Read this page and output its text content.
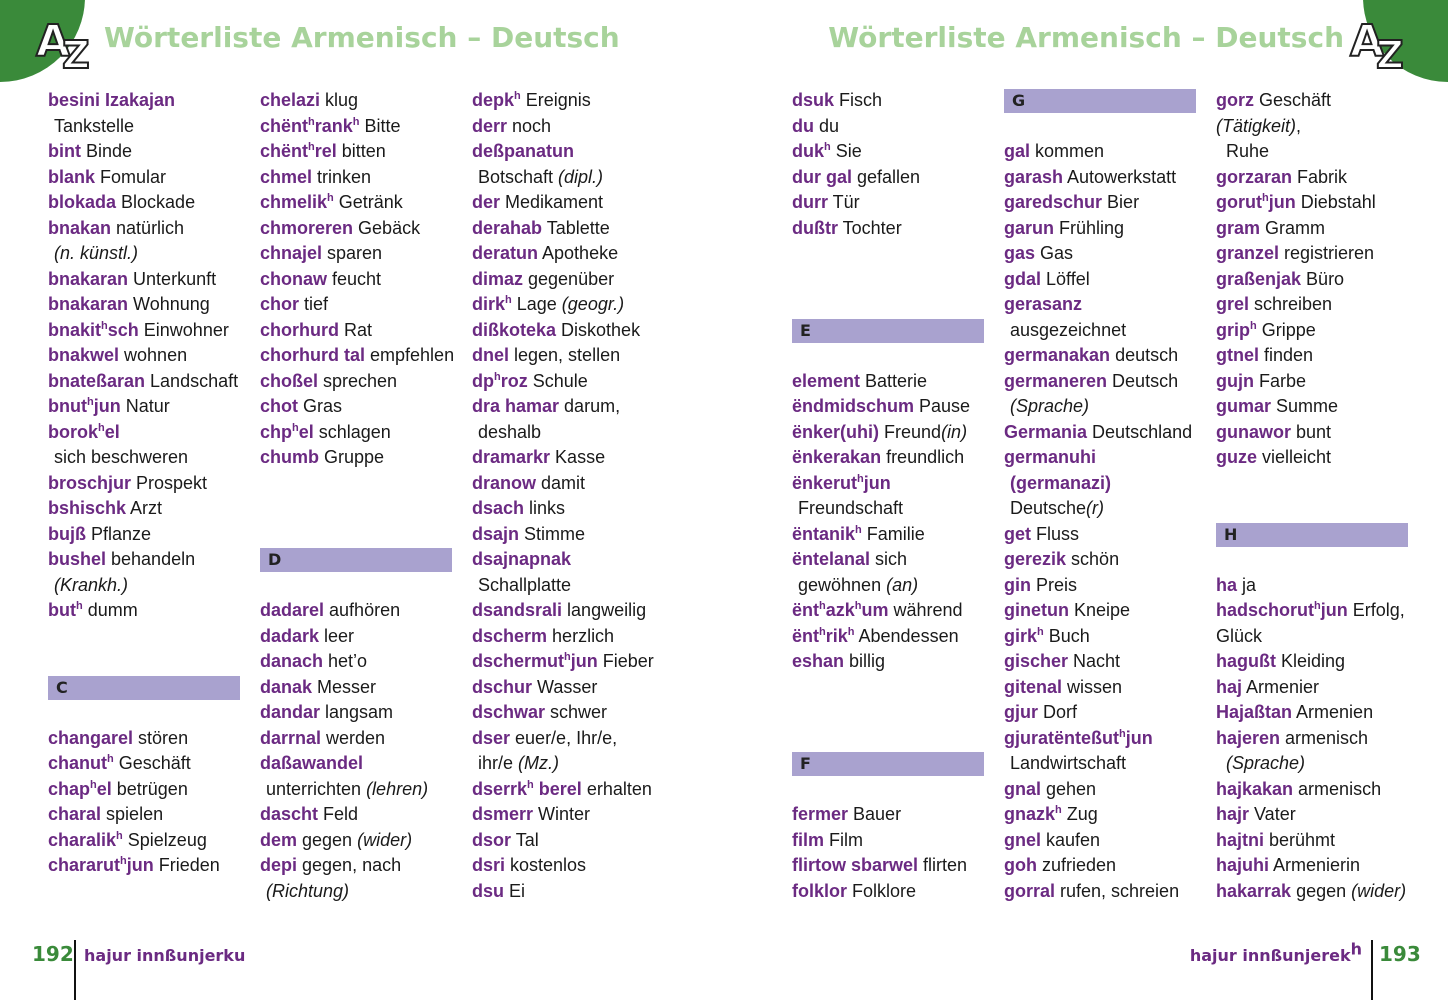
AZ	AZ
Wörterliste Armenisch – Deutsch	Wörterliste Armenisch – Deutsch
besini Izakajan
Tankstelle
bint Binde
blank Fomular
blokada Blockade
bnakan natürlich
(n. künstl.)
bnakaran Unterkunft
bnakaran Wohnung
bnakit$^h$sch Einwohner
bnakwel wohnen
bnateßaran Landschaft
bnut$^h$jun Natur
borok$^h$el
sich beschweren
broschjur Prospekt
bshischk Arzt
bujß Pflanze
bushel behandeln
(Krankh.)
but$^h$ dumm
C
changarel stören
chanut$^h$ Geschäft
chap$^h$el betrügen
charal spielen
charalik$^h$ Spielzeug
chararut$^h$jun Frieden
chelazi klug
chënt$^h$rank$^h$ Bitte
chënt$^h$rel bitten
chmel trinken
chmelik$^h$ Getränk
chmoreren Gebäck
chnajel sparen
chonaw feucht
chor tief
chorhurd Rat
chorhurd tal empfehlen
choßel sprechen
chot Gras
chp$^h$el schlagen
chumb Gruppe
D
dadarel aufhören
dadark leer
danach het’o
danak Messer
dandar langsam
darrnal werden
daßawandel
unterrichten (lehren)
dascht Feld
dem gegen (wider)
depi gegen, nach
(Richtung)
depk$^h$ Ereignis
derr noch
deßpanatun
Botschaft (dipl.)
der Medikament
derahab Tablette
deratun Apotheke
dimaz gegenüber
dirk$^h$ Lage (geogr.)
dißkoteka Diskothek
dnel legen, stellen
$dp^hroz$ Schule
dra hamar darum,
deshalb
dramarkr Kasse
dranow damit
dsach links
dsajn Stimme
dsajnapnak
Schallplatte
dsandsrali langweilig
dscherm herzlich
dschermut$^h$jun Fieber
dschur Wasser
dschwar schwer
dser euer/e, Ihr/e,
ihr/e (Mz.)
dserrk$^h$ berel erhalten
dsmerr Winter
dsor Tal
dsri kostenlos
dsu Ei
dsuk Fisch
du du
duk$^h$ Sie
dur gal gefallen
durr Tür
dußtr Tochter
E
element Batterie
ëndmidschum Pause
ënker(uhi) Freund(in)
ënkerakan freundlich
ënkerut$^h$jun
Freundschaft
ëntanik$^h$ Familie
ëntelanal sich
gewöhnen (an)
ënt$^h$azk$^h$um während
ënt$^h$rik$^h$ Abendessen
eshan billig
F
fermer Bauer
film Film
flirtow sbarwel flirten
folklor Folklore
G
gal kommen
garash Autowerkstatt
garedschur Bier
garun Frühling
gas Gas
gdal Löffel
gerasanz
ausgezeichnet
germanakan deutsch
germaneren Deutsch
(Sprache)
Germania Deutschland
germanuhi
(germanazi)
Deutsche(r)
get Fluss
gerezik schön
gin Preis
ginetun Kneipe
girk$^h$ Buch
gischer Nacht
gitenal wissen
gjur Dorf
gjuratënteßut$^h$jun
Landwirtschaft
gnal gehen
gnazk$^h$ Zug
gnel kaufen
goh zufrieden
gorral rufen, schreien
gorz Geschäft
(Tätigkeit),
Ruhe
gorzaran Fabrik
gorut$^h$jun Diebstahl
gram Gramm
granzel registrieren
graßenjak Büro
grel schreiben
grip$^h$ Grippe
gtnel finden
gujn Farbe
gumar Summe
gunawor bunt
guze vielleicht
H
ha ja
hadschorut$^h$jun Erfolg,
Glück
hagußt Kleiding
haj Armenier
Hajaßtan Armenien
hajeren armenisch
(Sprache)
hajkakan armenisch
hajr Vater
hajtni berühmt
hajuhi Armenierin
hakarrak gegen (wider)
192 hajur innßunjerku	hajur innßunjerekh 193
